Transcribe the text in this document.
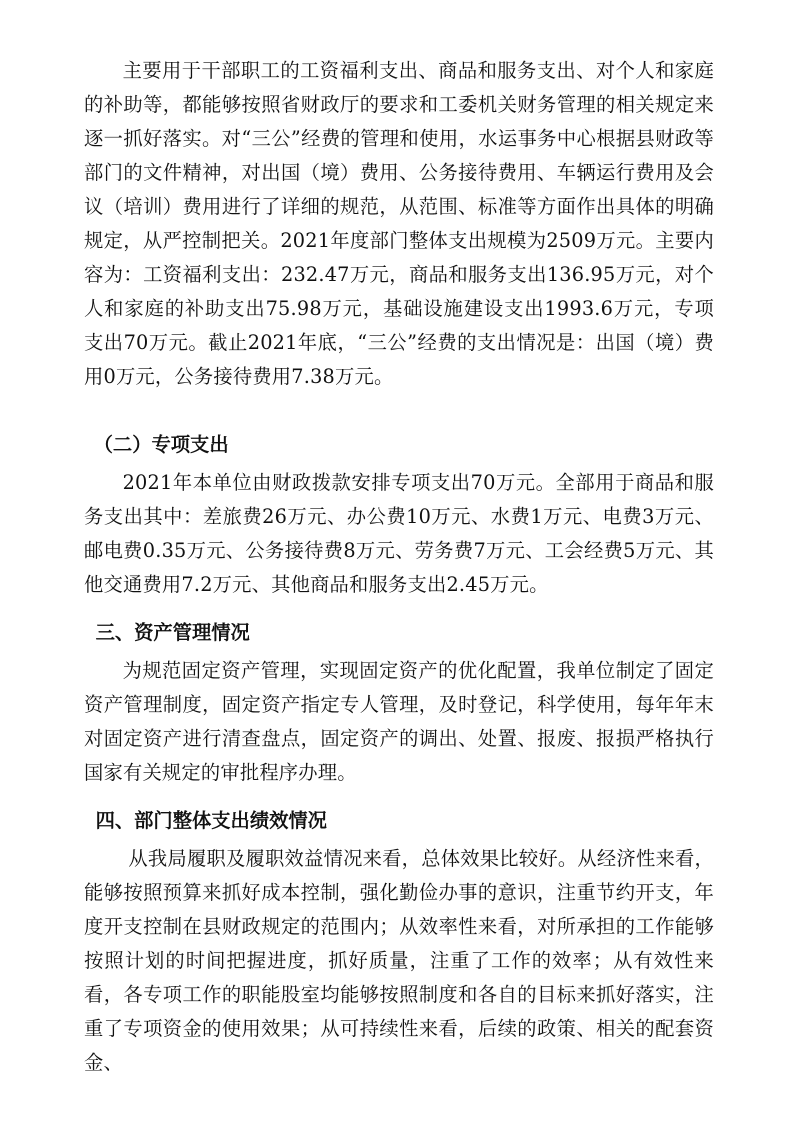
主要用于干部职工的工资福利支出、商品和服务支出、对个人和家庭的补助等，都能够按照省财政厅的要求和工委机关财务管理的相关规定来逐一抓好落实。对“三公”经费的管理和使用，水运事务中心根据县财政等部门的文件精神，对出国（境）费用、公务接待费用、车辆运行费用及会议（培训）费用进行了详细的规范，从范围、标准等方面作出具体的明确规定，从严控制把关。2021年度部门整体支出规模为2509万元。主要内容为：工资福利支出：232.47万元，商品和服务支出136.95万元，对个人和家庭的补助支出75.98万元，基础设施建设支出1993.6万元，专项支出70万元。截止2021年底，“三公”经费的支出情况是：出国（境）费用0万元，公务接待费用7.38万元。

（二）专项支出

2021年本单位由财政拨款安排专项支出70万元。全部用于商品和服务支出其中：差旅费26万元、办公费10万元、水费1万元、电费3万元、邮电费0.35万元、公务接待费8万元、劳务费7万元、工会经费5万元、其他交通费用7.2万元、其他商品和服务支出2.45万元。

三、资产管理情况

为规范固定资产管理，实现固定资产的优化配置，我单位制定了固定资产管理制度，固定资产指定专人管理，及时登记，科学使用，每年年末对固定资产进行清查盘点，固定资产的调出、处置、报废、报损严格执行国家有关规定的审批程序办理。

四、部门整体支出绩效情况

从我局履职及履职效益情况来看，总体效果比较好。从经济性来看，能够按照预算来抓好成本控制，强化勤俭办事的意识，注重节约开支，年度开支控制在县财政规定的范围内；从效率性来看，对所承担的工作能够按照计划的时间把握进度，抓好质量，注重了工作的效率；从有效性来看，各专项工作的职能股室均能够按照制度和各自的目标来抓好落实，注重了专项资金的使用效果；从可持续性来看，后续的政策、相关的配套资金、
